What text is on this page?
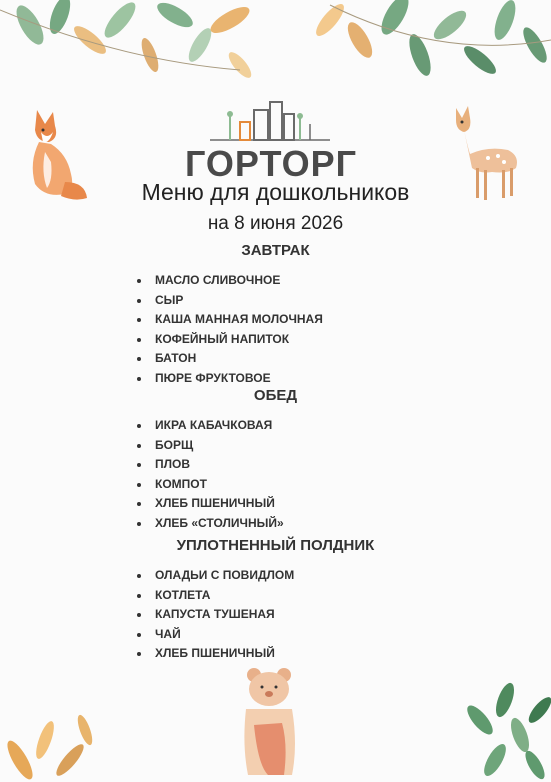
ГОРТОРГ
Меню для дошкольников
на 8 июня 2026
ЗАВТРАК
МАСЛО СЛИВОЧНОЕ
СЫР
КАША МАННАЯ МОЛОЧНАЯ
КОФЕЙНЫЙ НАПИТОК
БАТОН
ПЮРЕ ФРУКТОВОЕ
ОБЕД
ИКРА КАБАЧКОВАЯ
БОРЩ
ПЛОВ
КОМПОТ
ХЛЕБ ПШЕНИЧНЫЙ
ХЛЕБ «СТОЛИЧНЫЙ»
УПЛОТНЕННЫЙ ПОЛДНИК
ОЛАДЬИ С ПОВИДЛОМ
КОТЛЕТА
КАПУСТА ТУШЕНАЯ
ЧАЙ
ХЛЕБ ПШЕНИЧНЫЙ
